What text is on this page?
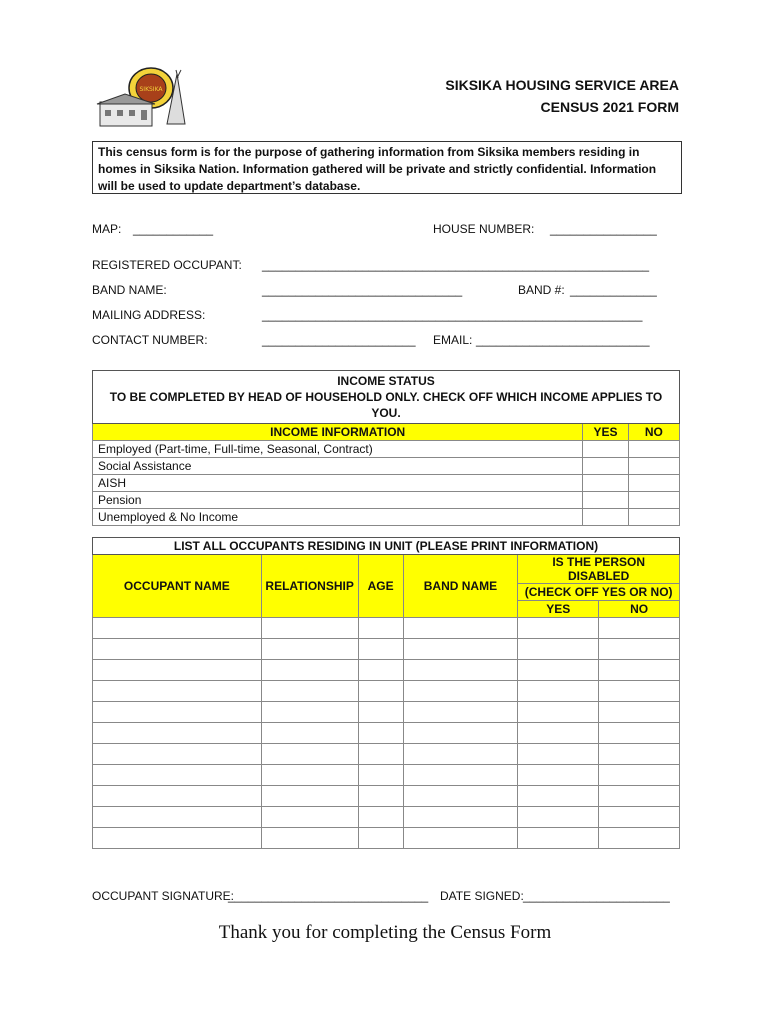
SIKSIKA	SIKSIKA HOUSING SERVICE AREA
CENSUS 2021 FORM
This census form is for the purpose of gathering information from Siksika members residing in homes in Siksika Nation. Information gathered will be private and strictly confidential. Information will be used to update department’s database.
MAP: ____________	HOUSE NUMBER: ________________
REGISTERED OCCUPANT: __________________________________________________________
BAND NAME:	______________________________	BAND #: _____________
MAILING ADDRESS:	_________________________________________________________
CONTACT NUMBER:	_______________________ EMAIL: __________________________
INCOME STATUS
TO BE COMPLETED BY HEAD OF HOUSEHOLD ONLY. CHECK OFF WHICH INCOME APPLIES TO YOU.		

INCOME INFORMATION	YES	NO
Employed (Part-time, Full-time, Seasonal, Contract)		
Social Assistance		
AISH		
Pension		
Unemployed & No Income		
LIST ALL OCCUPANTS RESIDING IN UNIT (PLEASE PRINT INFORMATION)					
OCCUPANT NAME	RELATIONSHIP	AGE	BAND NAME	IS THE PERSON DISABLED	
				(CHECK OFF YES OR NO)	
				YES	NO

OCCUPANT SIGNATURE:
______________________________ DATE SIGNED: ______________________
Thank you for completing the Census Form
